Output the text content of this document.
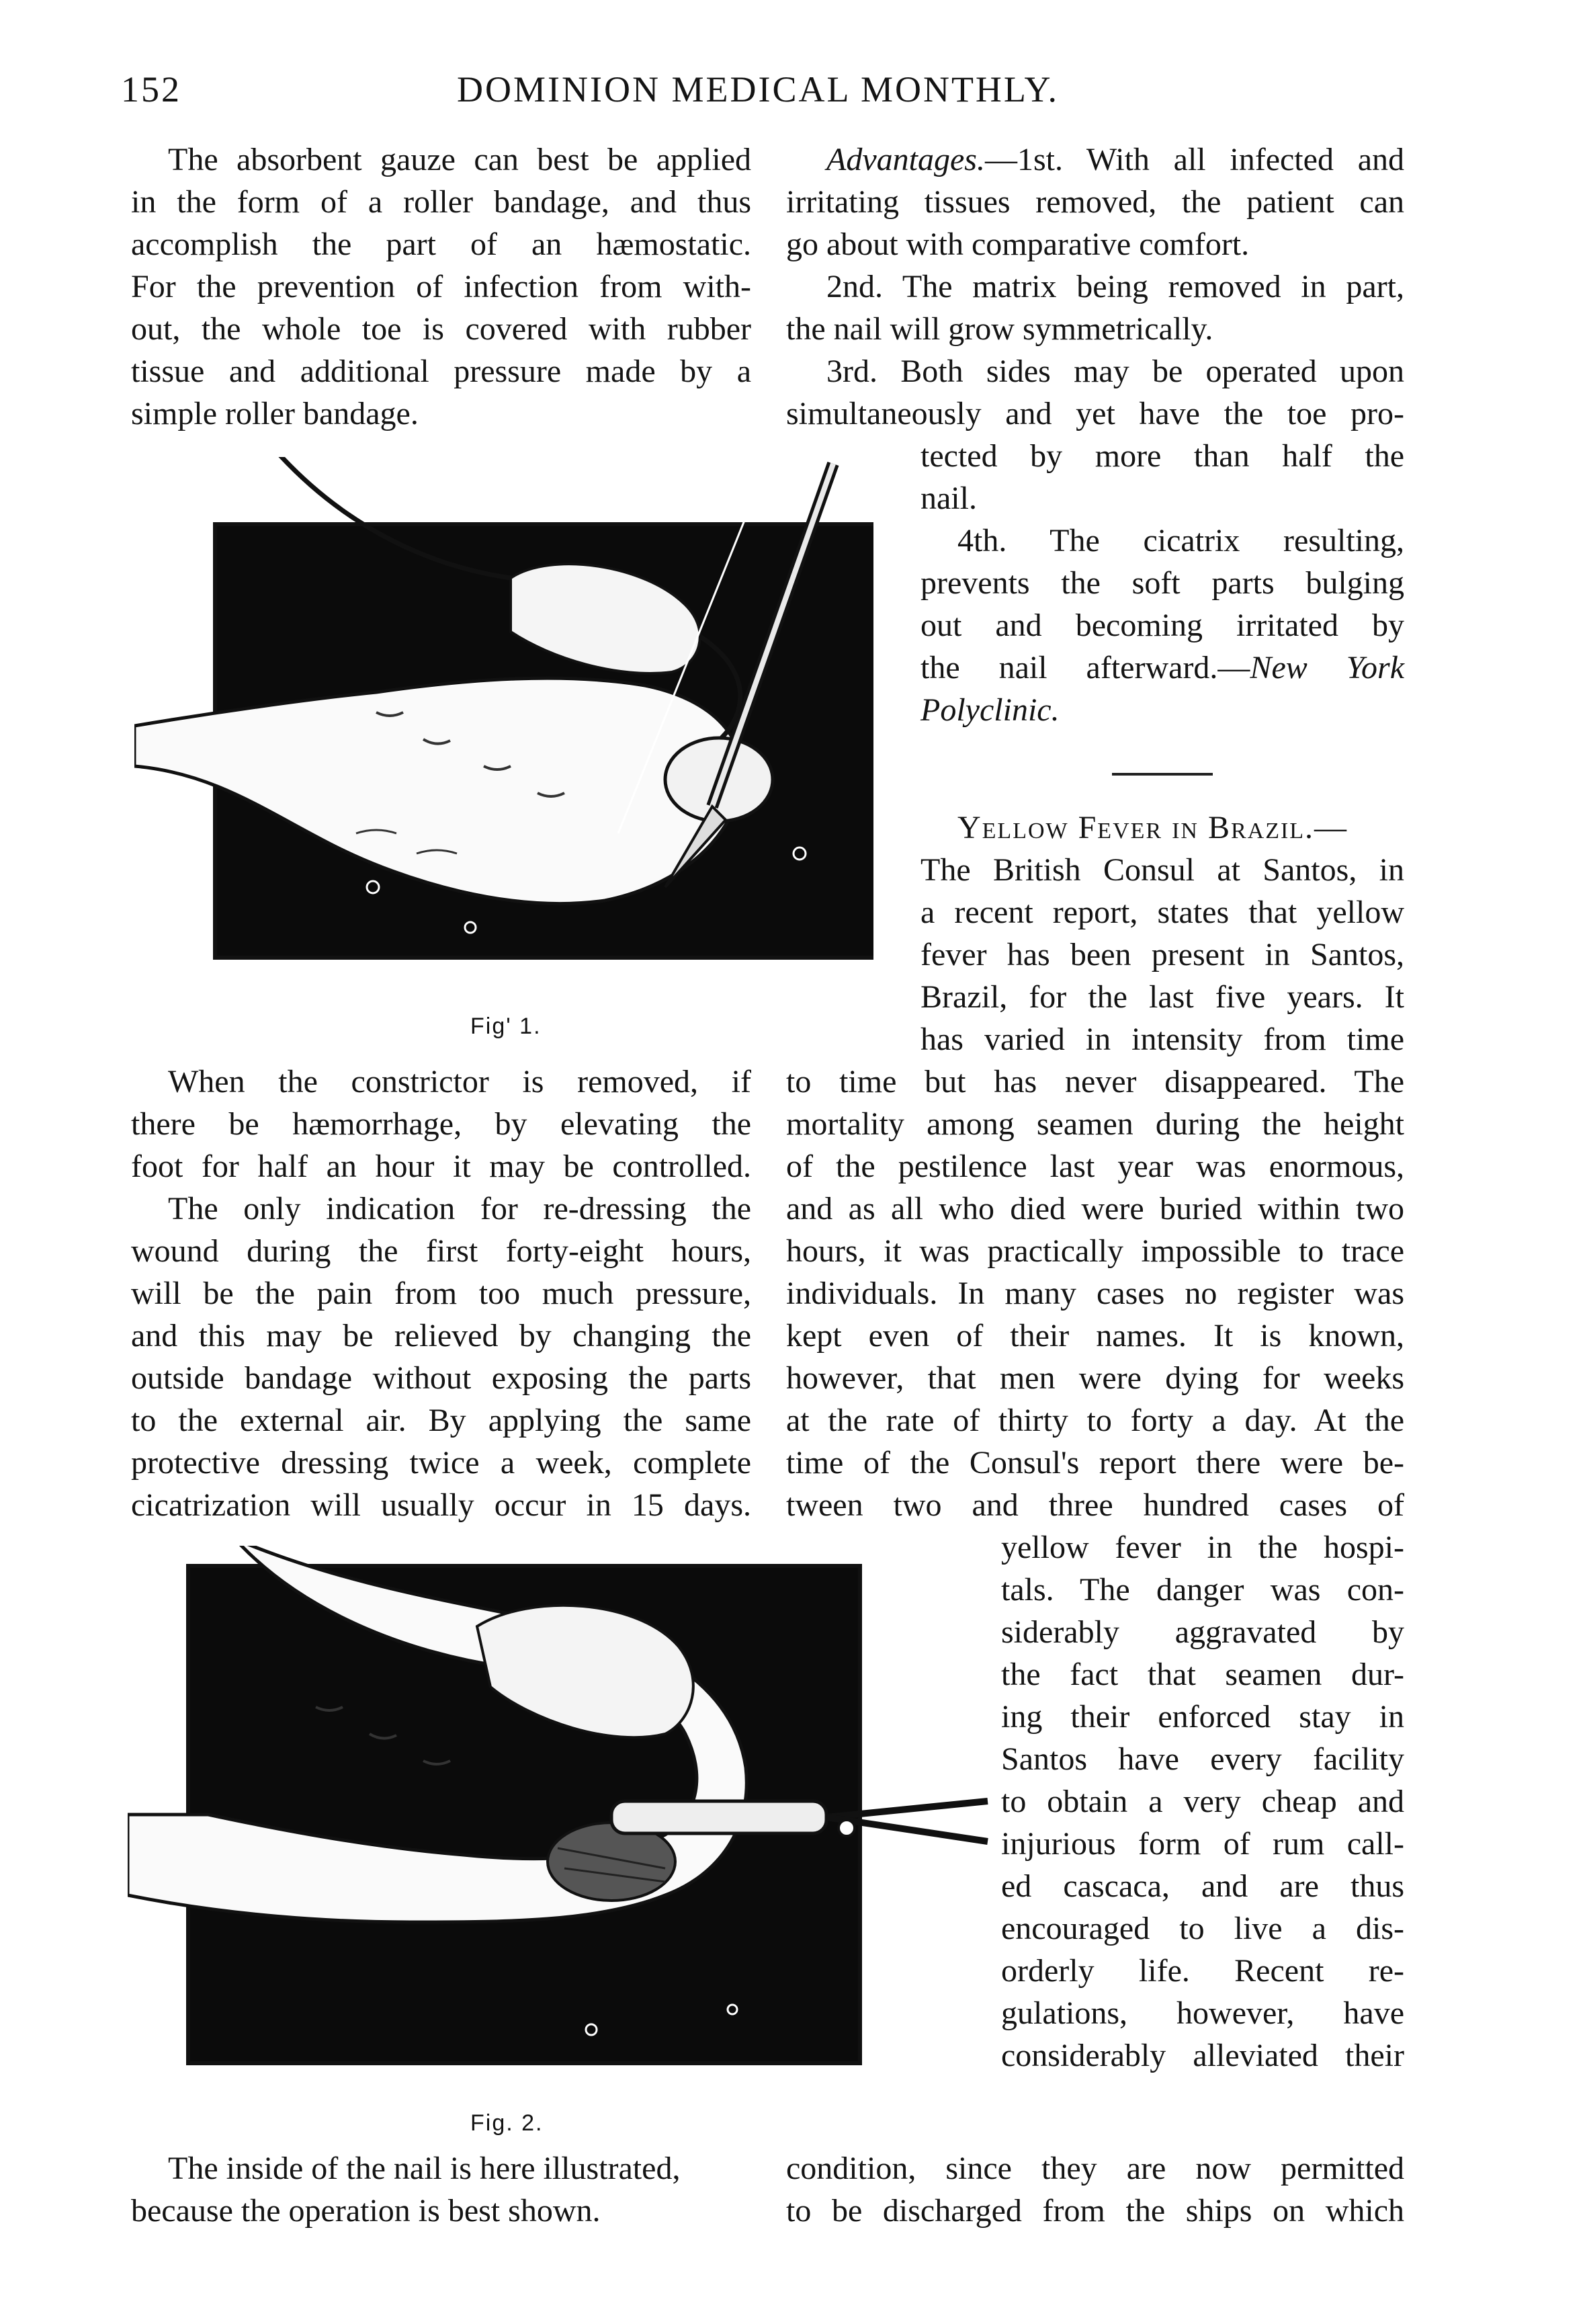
152	DOMINION MEDICAL MONTHLY.
The absorbent gauze can best be applied
in the form of a roller bandage, and thus
accomplish the part of an hæmostatic.
For the prevention of infection from with-
out, the whole toe is covered with rubber
tissue and additional pressure made by a
simple roller bandage.
Fig' 1.
When the constrictor is removed, if
there be hæmorrhage, by elevating the
foot for half an hour it may be controlled.
The only indication for re-dressing the
wound during the first forty-eight hours,
will be the pain from too much pressure,
and this may be relieved by changing the
outside bandage without exposing the parts
to the external air. By applying the same
protective dressing twice a week, complete
cicatrization will usually occur in 15 days.
Fig. 2.
The inside of the nail is here illustrated,
because the operation is best shown.
Advantages.—1st. With all infected and
irritating tissues removed, the patient can
go about with comparative comfort.
2nd. The matrix being removed in part,
the nail will grow symmetrically.
3rd. Both sides may be operated upon
simultaneously and yet have the toe pro-
tected by more than half the
nail.
4th. The cicatrix resulting,
prevents the soft parts bulging
out and becoming irritated by
the nail afterward.—New York
Polyclinic.
Yellow Fever in Brazil.—
The British Consul at Santos, in
a recent report, states that yellow
fever has been present in Santos,
Brazil, for the last five years. It
has varied in intensity from time
to time but has never disappeared. The
mortality among seamen during the height
of the pestilence last year was enormous,
and as all who died were buried within two
hours, it was practically impossible to trace
individuals. In many cases no register was
kept even of their names. It is known,
however, that men were dying for weeks
at the rate of thirty to forty a day. At the
time of the Consul's report there were be-
tween two and three hundred cases of
yellow fever in the hospi-
tals. The danger was con-
siderably aggravated by
the fact that seamen dur-
ing their enforced stay in
Santos have every facility
to obtain a very cheap and
injurious form of rum call-
ed cascaca, and are thus
encouraged to live a dis-
orderly life. Recent re-
gulations, however, have
considerably alleviated their
condition, since they are now permitted
to be discharged from the ships on which
